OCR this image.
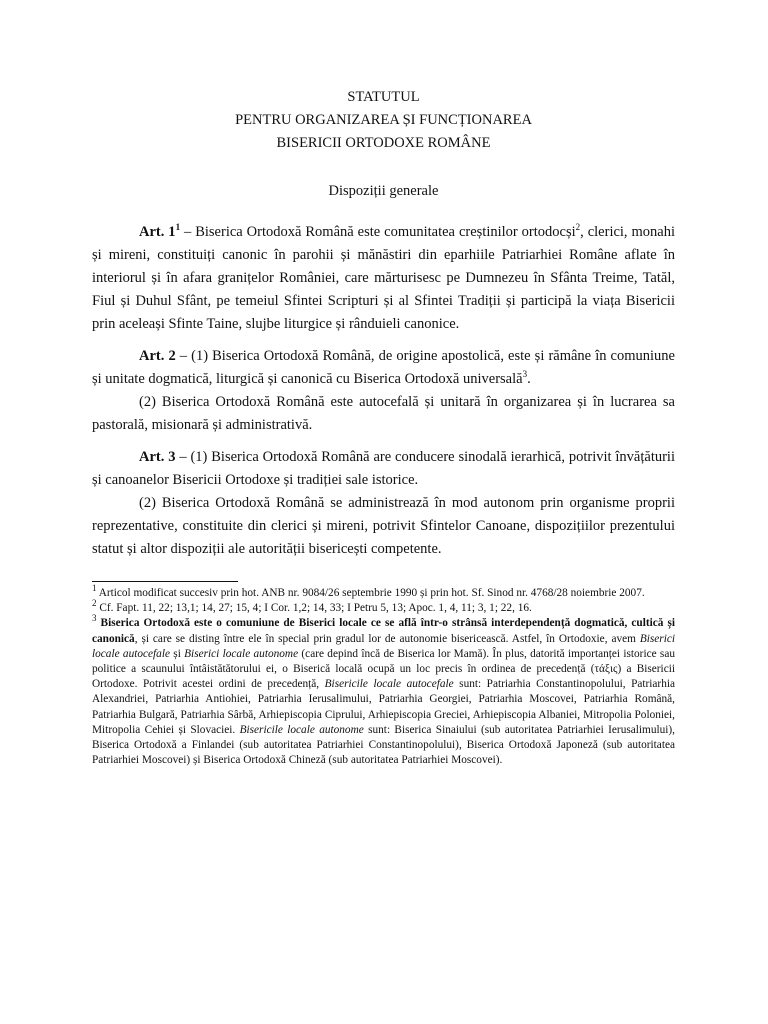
STATUTUL
PENTRU ORGANIZAREA ȘI FUNCȚIONAREA
BISERICII ORTODOXE ROMÂNE
Dispoziții generale

Art. $1^1$ – Biserica Ortodoxă Română este comunitatea creștinilor ortodocși$^2$, clerici, monahi și mireni, constituiți canonic în parohii și mănăstiri din eparhiile Patriarhiei Române aflate în interiorul și în afara granițelor României, care mărturisesc pe Dumnezeu în Sfânta Treime, Tatăl, Fiul și Duhul Sfânt, pe temeiul Sfintei Scripturi și al Sfintei Tradiții și participă la viața Bisericii prin aceleași Sfinte Taine, slujbe liturgice și rânduieli canonice.

Art. 2 – (1) Biserica Ortodoxă Română, de origine apostolică, este și rămâne în comuniune și unitate dogmatică, liturgică și canonică cu Biserica Ortodoxă universală$^3$.

(2) Biserica Ortodoxă Română este autocefală și unitară în organizarea și în lucrarea sa pastorală, misionară și administrativă.

Art. 3 – (1) Biserica Ortodoxă Română are conducere sinodală ierarhică, potrivit învățăturii și canoanelor Bisericii Ortodoxe și tradiției sale istorice.

(2) Biserica Ortodoxă Română se administrează în mod autonom prin organisme proprii reprezentative, constituite din clerici și mireni, potrivit Sfintelor Canoane, dispozițiilor prezentului statut și altor dispoziții ale autorității bisericești competente.

$^1$ Articol modificat succesiv prin hot. ANB nr. 9084/26 septembrie 1990 și prin hot. Sf. Sinod nr. 4768/28 noiembrie 2007.

$^2$ Cf. Fapt. 11, 22; 13,1; 14, 27; 15, 4; I Cor. 1,2; 14, 33; I Petru 5, 13; Apoc. 1, 4, 11; 3, 1; 22, 16.

$^3$ Biserica Ortodoxă este o comuniune de Biserici locale ce se află într-o strânsă interdependență dogmatică, cultică și canonică, și care se disting între ele în special prin gradul lor de autonomie bisericească. Astfel, în Ortodoxie, avem Biserici locale autocefale și Biserici locale autonome (care depind încă de Biserica lor Mamă). În plus, datorită importanței istorice sau politice a scaunului întâistătătorului ei, o Biserică locală ocupă un loc precis în ordinea de precedență (τάξις) a Bisericii Ortodoxe. Potrivit acestei ordini de precedență, Bisericile locale autocefale sunt: Patriarhia Constantinopolului, Patriarhia Alexandriei, Patriarhia Antiohiei, Patriarhia Ierusalimului, Patriarhia Georgiei, Patriarhia Moscovei, Patriarhia Română, Patriarhia Bulgară, Patriarhia Sârbă, Arhiepiscopia Ciprului, Arhiepiscopia Greciei, Arhiepiscopia Albaniei, Mitropolia Poloniei, Mitropolia Cehiei și Slovaciei. Bisericile locale autonome sunt: Biserica Sinaiului (sub autoritatea Patriarhiei Ierusalimului), Biserica Ortodoxă a Finlandei (sub autoritatea Patriarhiei Constantinopolului), Biserica Ortodoxă Japoneză (sub autoritatea Patriarhiei Moscovei) și Biserica Ortodoxă Chineză (sub autoritatea Patriarhiei Moscovei).
